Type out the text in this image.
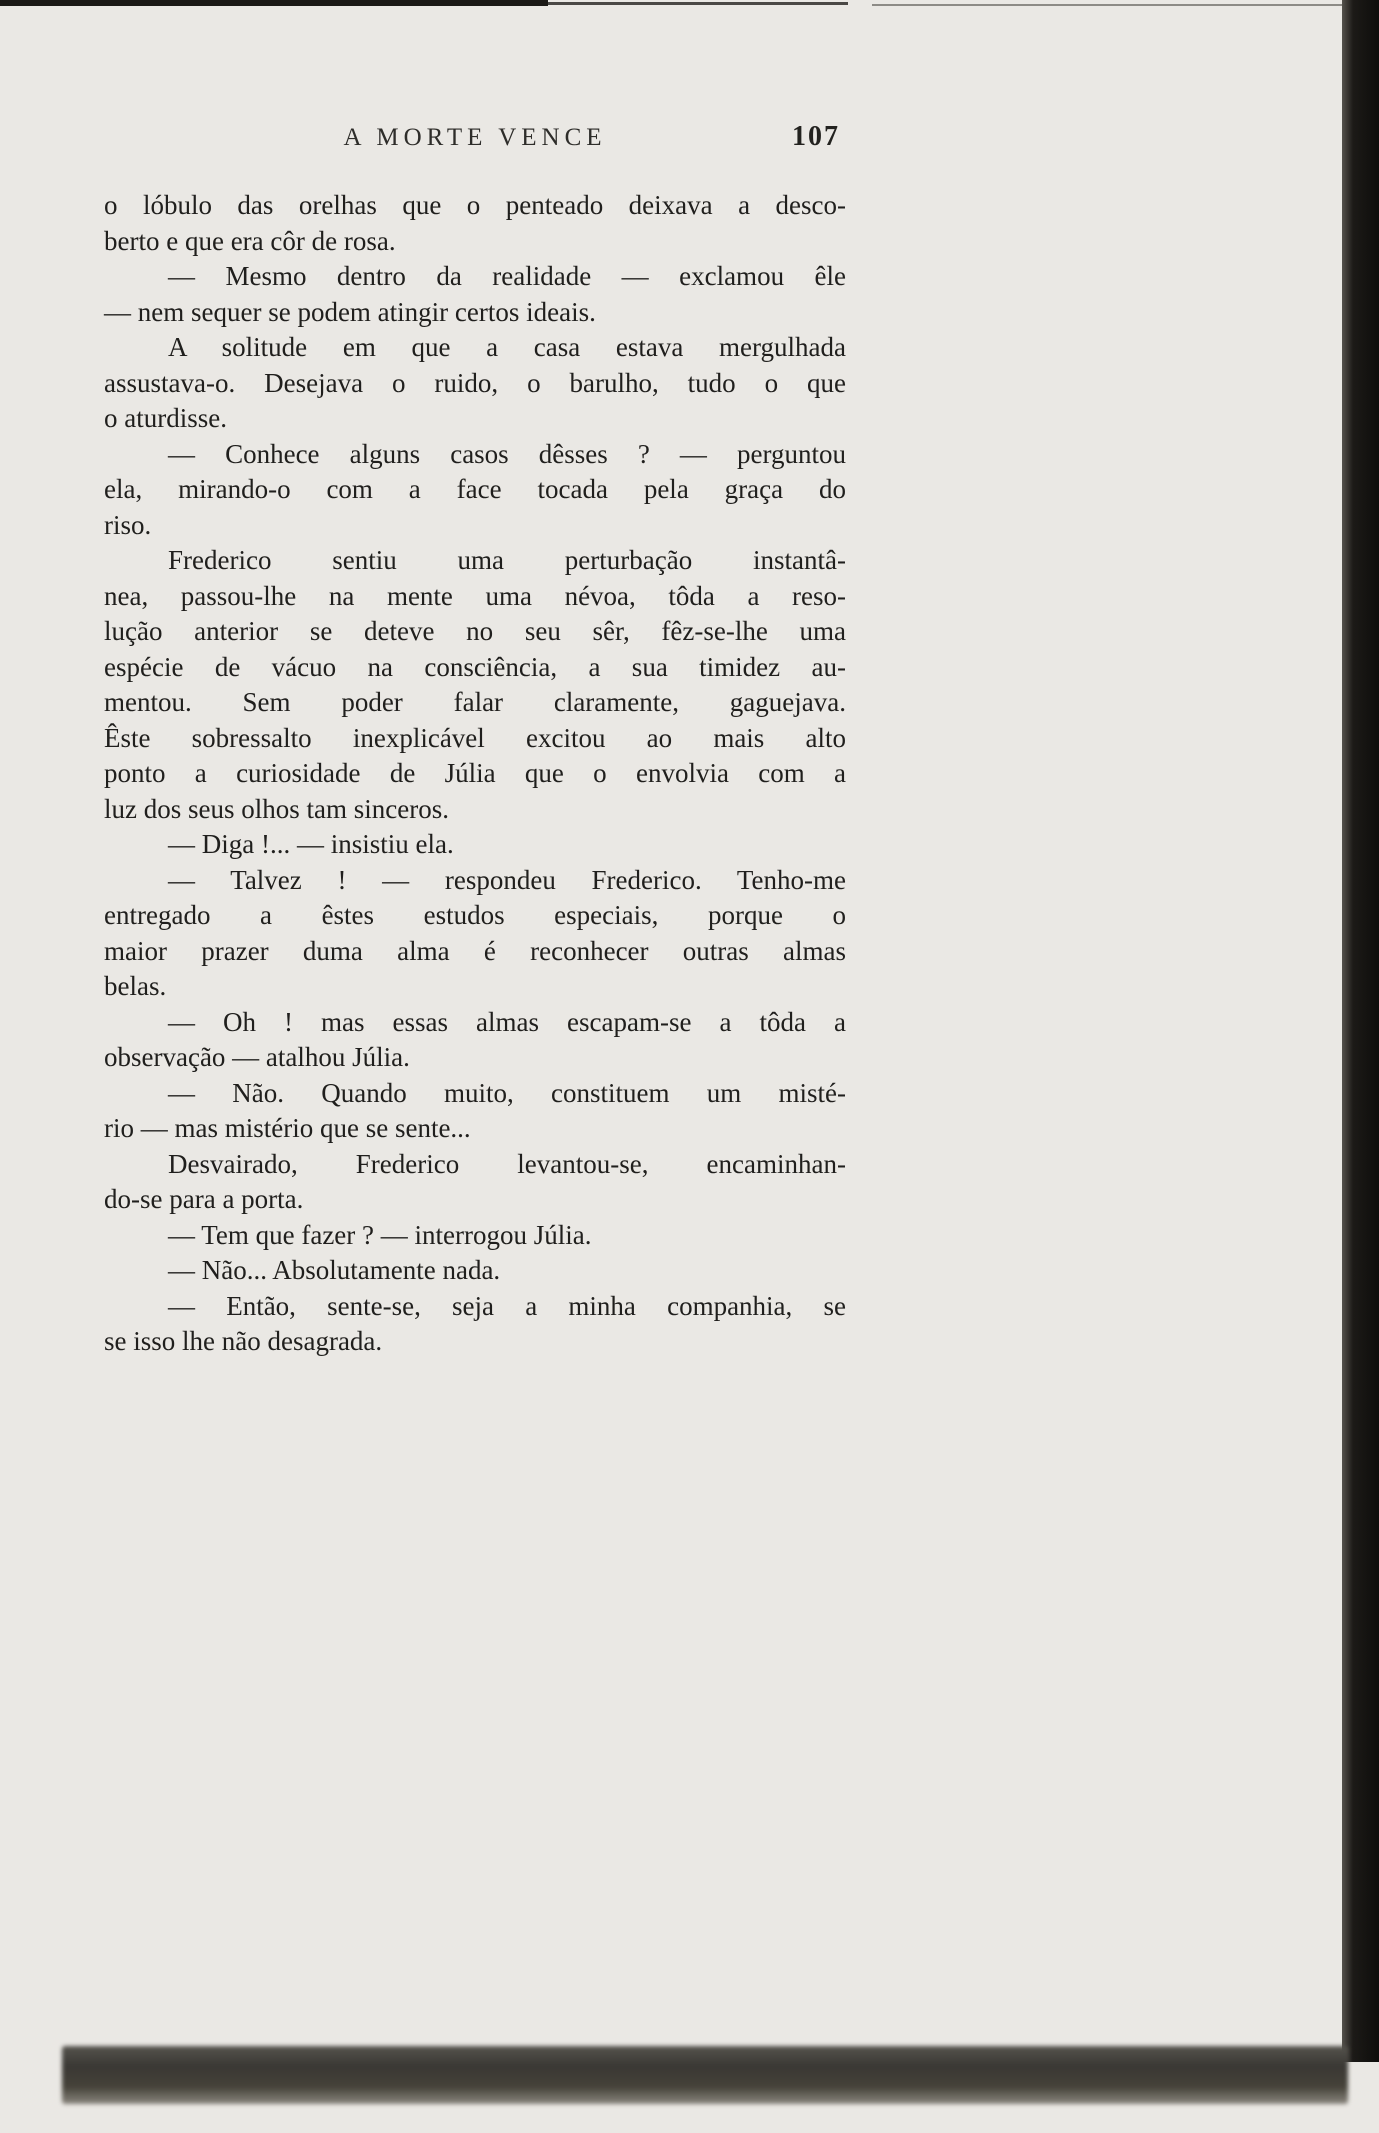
A MORTE VENCE	107

o lóbulo das orelhas que o penteado deixava a desco-
berto e que era côr de rosa.

— Mesmo dentro da realidade — exclamou êle
— nem sequer se podem atingir certos ideais.

A solitude em que a casa estava mergulhada
assustava-o. Desejava o ruido, o barulho, tudo o que
o aturdisse.

— Conhece alguns casos dêsses ? — perguntou
ela, mirando-o com a face tocada pela graça do
riso.

Frederico sentiu uma perturbação instantâ-
nea, passou-lhe na mente uma névoa, tôda a reso-
lução anterior se deteve no seu sêr, fêz-se-lhe uma
espécie de vácuo na consciência, a sua timidez au-
mentou. Sem poder falar claramente, gaguejava.
Êste sobressalto inexplicável excitou ao mais alto
ponto a curiosidade de Júlia que o envolvia com a
luz dos seus olhos tam sinceros.

— Diga !... — insistiu ela.

— Talvez ! — respondeu Frederico. Tenho-me
entregado a êstes estudos especiais, porque o
maior prazer duma alma é reconhecer outras almas
belas.

— Oh ! mas essas almas escapam-se a tôda a
observação — atalhou Júlia.

— Não. Quando muito, constituem um misté-
rio — mas mistério que se sente...

Desvairado, Frederico levantou-se, encaminhan-
do-se para a porta.

— Tem que fazer ? — interrogou Júlia.

— Não... Absolutamente nada.

— Então, sente-se, seja a minha companhia, se
se isso lhe não desagrada.
